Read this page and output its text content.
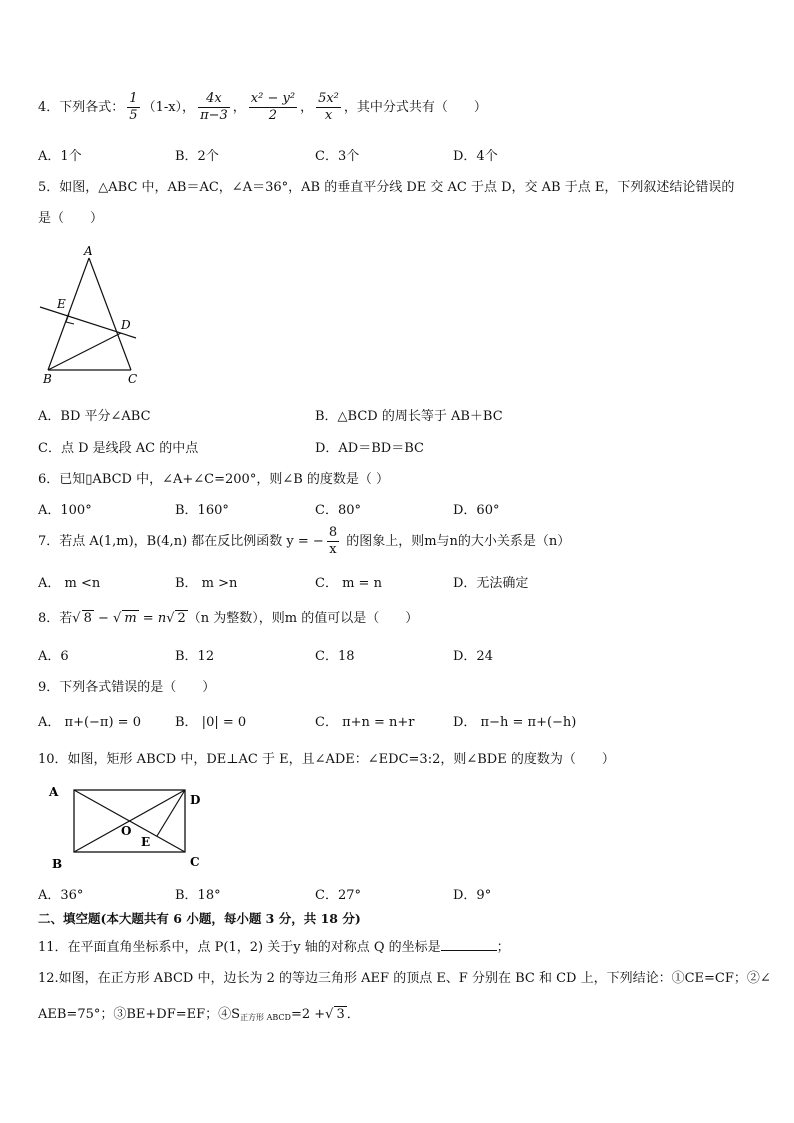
4．下列各式： $\frac{1}{5} (1-x)$， $\frac{4x}{\pi-3}$ ， $\frac{\text{x² − y²}}{2}$ ， $\frac{\text{5x²}}{x}$ ，其中分式共有（　　）
A．1个	B．2个	C．3个	D．4个
5．如图，△ABC 中，AB＝AC，∠A＝36°，AB 的垂直平分线 DE 交 AC 于点 D，交 AB 于点 E，下列叙述结论错误的
是（　　）
A
E
D
B	C
A．BD 平分∠ABC	B．△BCD 的周长等于 AB＋BC
C．点 D 是线段 AC 的中点	D．AD＝BD＝BC
6．已知▯ABCD 中，∠A+∠C=200°，则∠B 的度数是（ ）
A．100°	B．160°	C．80°	D．60°
7．若点 A(1,m)，B(4,n) 都在反比例函数 y = − $\frac{8}{x}$ 的图象上，则m与n的大小关系是（n）
A． m <n	B． m >n	C． m = n	D．无法确定
8．若√ 8 − √ m = n√ 2 （n 为整数），则m 的值可以是（　　）
A．6	B．12	C．18	D．24
9．下列各式错误的是（　　）
A． π+(−π) = 0	B． |0| = 0	C． π+n = n+r	D． π−h = π+(−h)
10．如图，矩形 ABCD 中，DE⊥AC 于 E，且∠ADE：∠EDC=3:2，则∠BDE 的度数为（　　）
A
D
O
E
B	C
A．36°	B．18°	C．27°	D．9°
二、填空题(本大题共有 6 小题，每小题 3 分，共 18 分)
11．在平面直角坐标系中，点 P(1，2) 关于y 轴的对称点 Q 的坐标是	；
12.如图，在正方形 ABCD 中，边长为 2 的等边三角形 AEF 的顶点 E、F 分别在 BC 和 CD 上，下列结论：①CE=CF；②∠
AEB=75°；③BE+DF=EF；$④S_{正方形 ABCD}=2$ +√ 3 ．
